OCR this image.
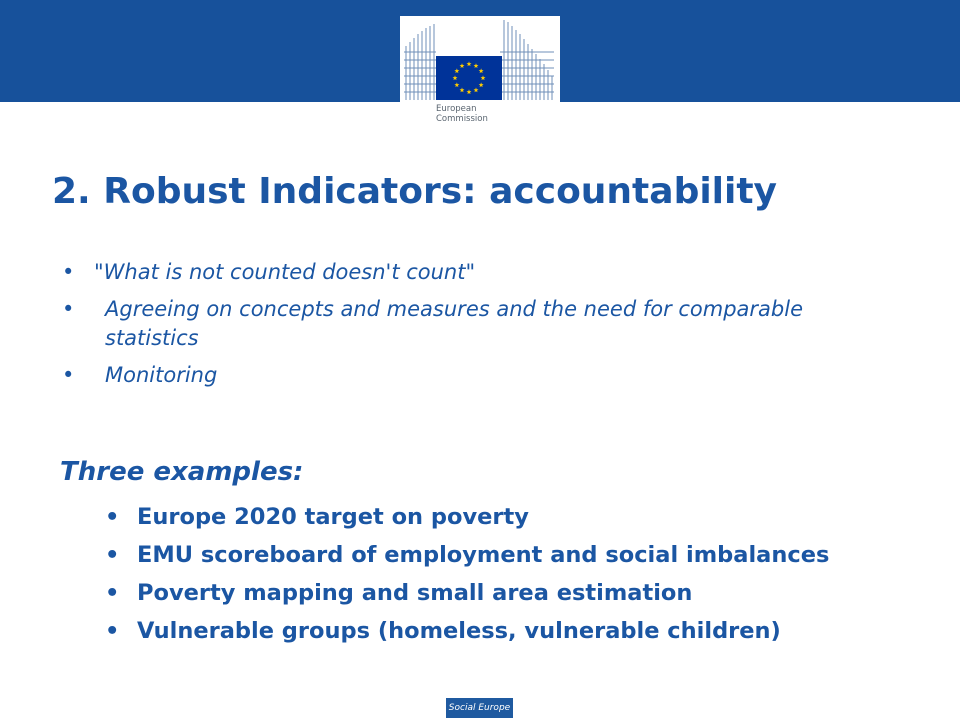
European
Commission
2. Robust Indicators: accountability
• "What is not counted doesn't count"
• Agreeing on concepts and measures and the need for comparable statistics
• Monitoring
Three examples:
• Europe 2020 target on poverty
• EMU scoreboard of employment and social imbalances
• Poverty mapping and small area estimation
• Vulnerable groups (homeless, vulnerable children)
Social Europe
